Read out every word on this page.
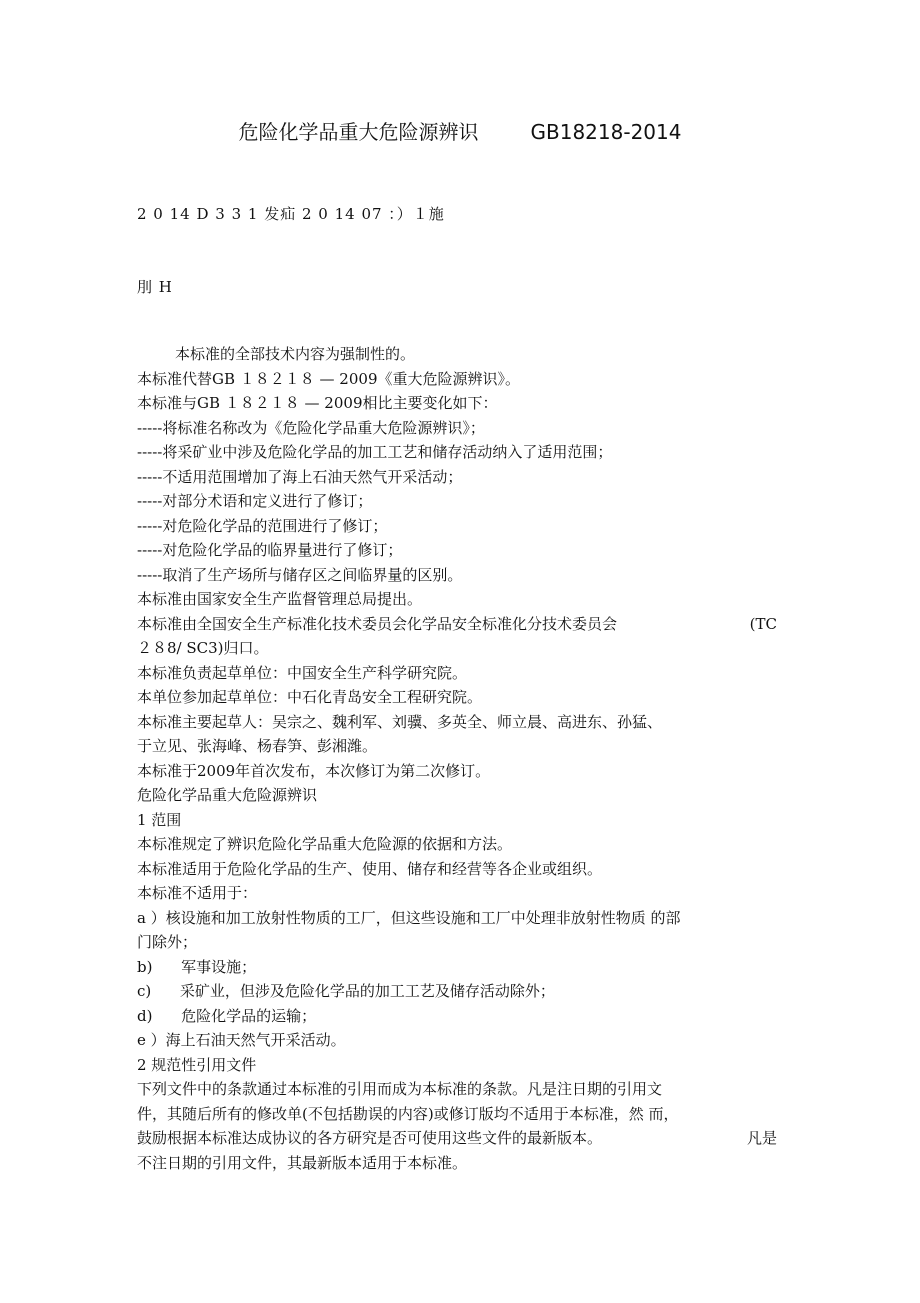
危险化学品重大危险源辨识	GB18218-2014
2 0 14 D 3 3 1 发疝 2 0 14 07 ：）１施
刖 H
本标准的全部技术内容为强制性的。
本标准代替GB １８２１８ — 2009《重大危险源辨识》。
本标准与GB １８２１８ — 2009相比主要变化如下：
-----将标准名称改为《危险化学品重大危险源辨识》；
-----将采矿业中涉及危险化学品的加工工艺和储存活动纳入了适用范围；
-----不适用范围增加了海上石油天然气开采活动；
-----对部分术语和定义进行了修订；
-----对危险化学品的范围进行了修订；
-----对危险化学品的临界量进行了修订；
-----取消了生产场所与储存区之间临界量的区别。
本标准由国家安全生产监督管理总局提出。
本标准由全国安全生产标准化技术委员会化学品安全标准化分技术委员会	(TC
２８8/ SC3)归口。
本标准负责起草单位：中国安全生产科学研究院。
本单位参加起草单位：中石化青岛安全工程研究院。
本标准主要起草人：吴宗之、魏利军、刘骥、多英全、师立晨、高进东、孙猛、
于立见、张海峰、杨春笋、彭湘潍。
本标准于2009年首次发布，本次修订为第二次修订。
危险化学品重大危险源辨识
1 范围
本标准规定了辨识危险化学品重大危险源的依据和方法。
本标准适用于危险化学品的生产、使用、储存和经营等各企业或组织。
本标准不适用于：
a ）核设施和加工放射性物质的工厂，但这些设施和工厂中处理非放射性物质 的部
门除外；
b)      军事设施；
c)      采矿业，但涉及危险化学品的加工工艺及储存活动除外；
d)      危险化学品的运输；
e ）海上石油天然气开采活动。
2 规范性引用文件
下列文件中的条款通过本标准的引用而成为本标准的条款。凡是注日期的引用文
件，其随后所有的修改单(不包括勘误的内容)或修订版均不适用于本标准，然 而，
鼓励根据本标准达成协议的各方研究是否可使用这些文件的最新版本。	凡是
不注日期的引用文件，其最新版本适用于本标准。
